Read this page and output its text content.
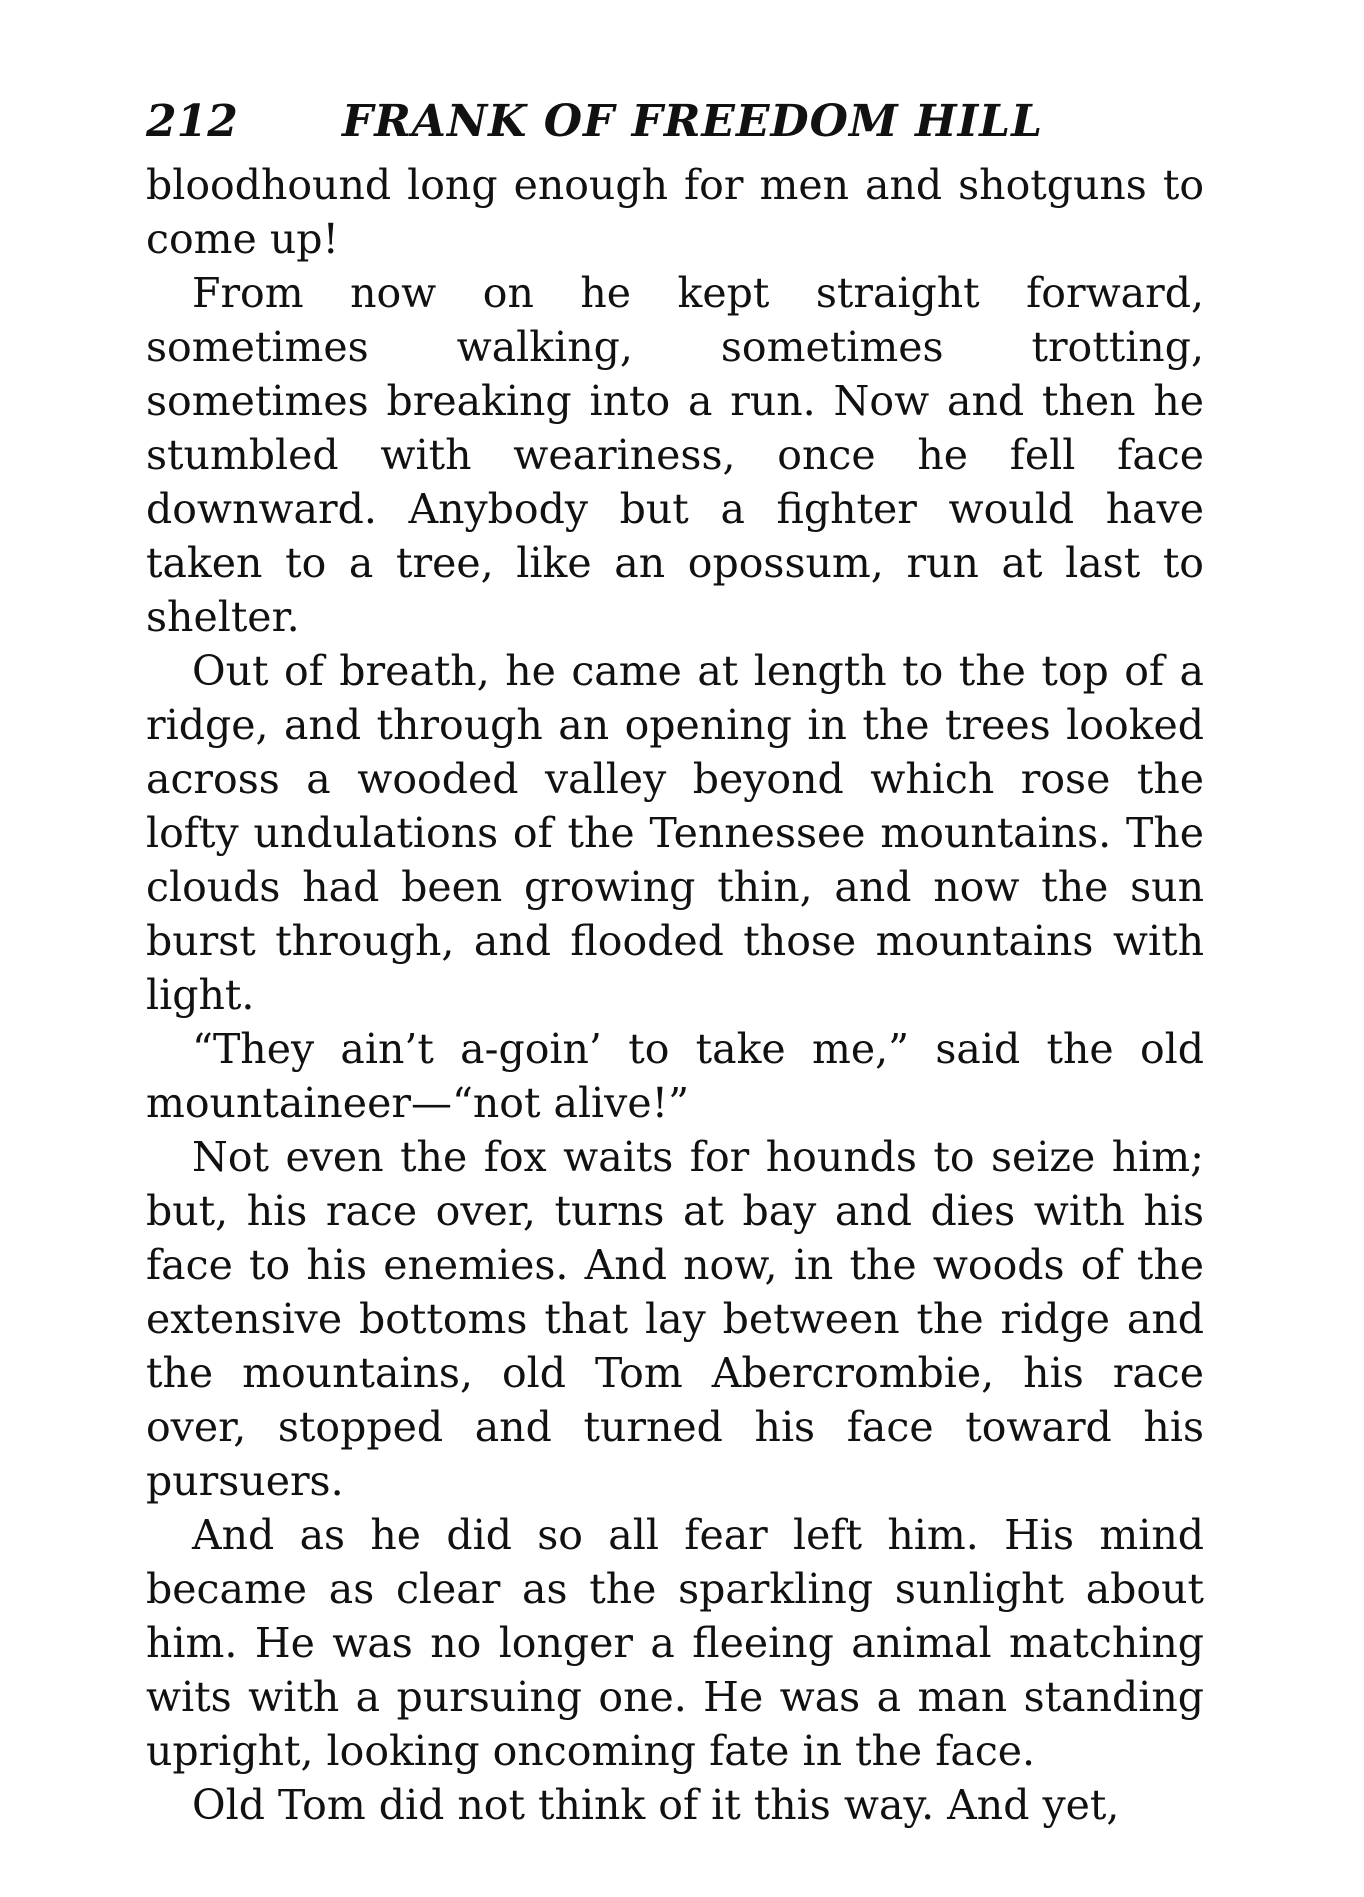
212	FRANK OF FREEDOM HILL

bloodhound long enough for men and shotguns to come up!

From now on he kept straight forward, sometimes walking, sometimes trotting, sometimes breaking into a run. Now and then he stumbled with weariness, once he fell face downward. Anybody but a fighter would have taken to a tree, like an opossum, run at last to shelter.

Out of breath, he came at length to the top of a ridge, and through an opening in the trees looked across a wooded valley beyond which rose the lofty undulations of the Tennessee mountains. The clouds had been growing thin, and now the sun burst through, and flooded those mountains with light.

“They ain’t a-goin’ to take me,” said the old mountaineer—“not alive!”

Not even the fox waits for hounds to seize him; but, his race over, turns at bay and dies with his face to his enemies. And now, in the woods of the extensive bottoms that lay between the ridge and the mountains, old Tom Abercrombie, his race over, stopped and turned his face toward his pursuers.

And as he did so all fear left him. His mind became as clear as the sparkling sunlight about him. He was no longer a fleeing animal matching wits with a pursuing one. He was a man standing upright, looking oncoming fate in the face.

Old Tom did not think of it this way. And yet,
